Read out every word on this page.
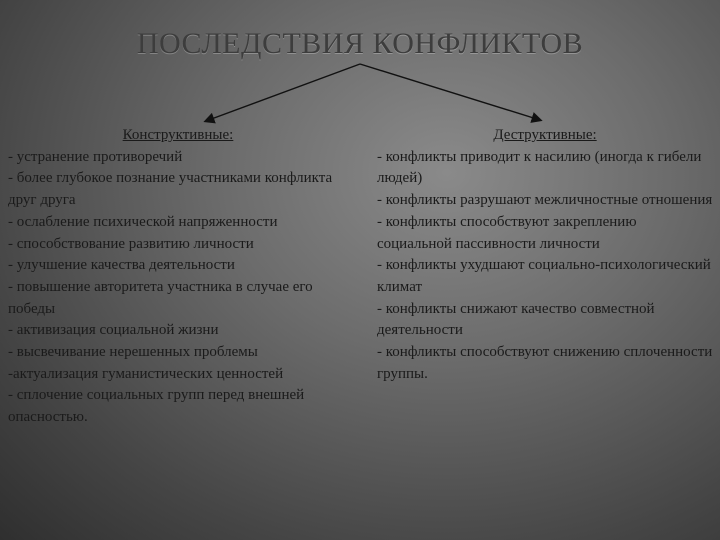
ПОСЛЕДСТВИЯ КОНФЛИКТОВ
Конструктивные:
- устранение противоречий
- более глубокое познание участниками конфликта друг друга
- ослабление психической напряженности
- способствование развитию личности
- улучшение качества деятельности
- повышение авторитета участника в случае его победы
- активизация социальной жизни
- высвечивание нерешенных проблемы
-актуализация гуманистических ценностей
- сплочение социальных групп перед внешней опасностью.
Деструктивные:
- конфликты приводит к насилию (иногда к гибели людей)
- конфликты разрушают межличностные отношения
- конфликты способствуют закреплению социальной пассивности личности
- конфликты ухудшают социально-психологический климат
- конфликты снижают качество совместной деятельности
- конфликты способствуют снижению сплоченности группы.
